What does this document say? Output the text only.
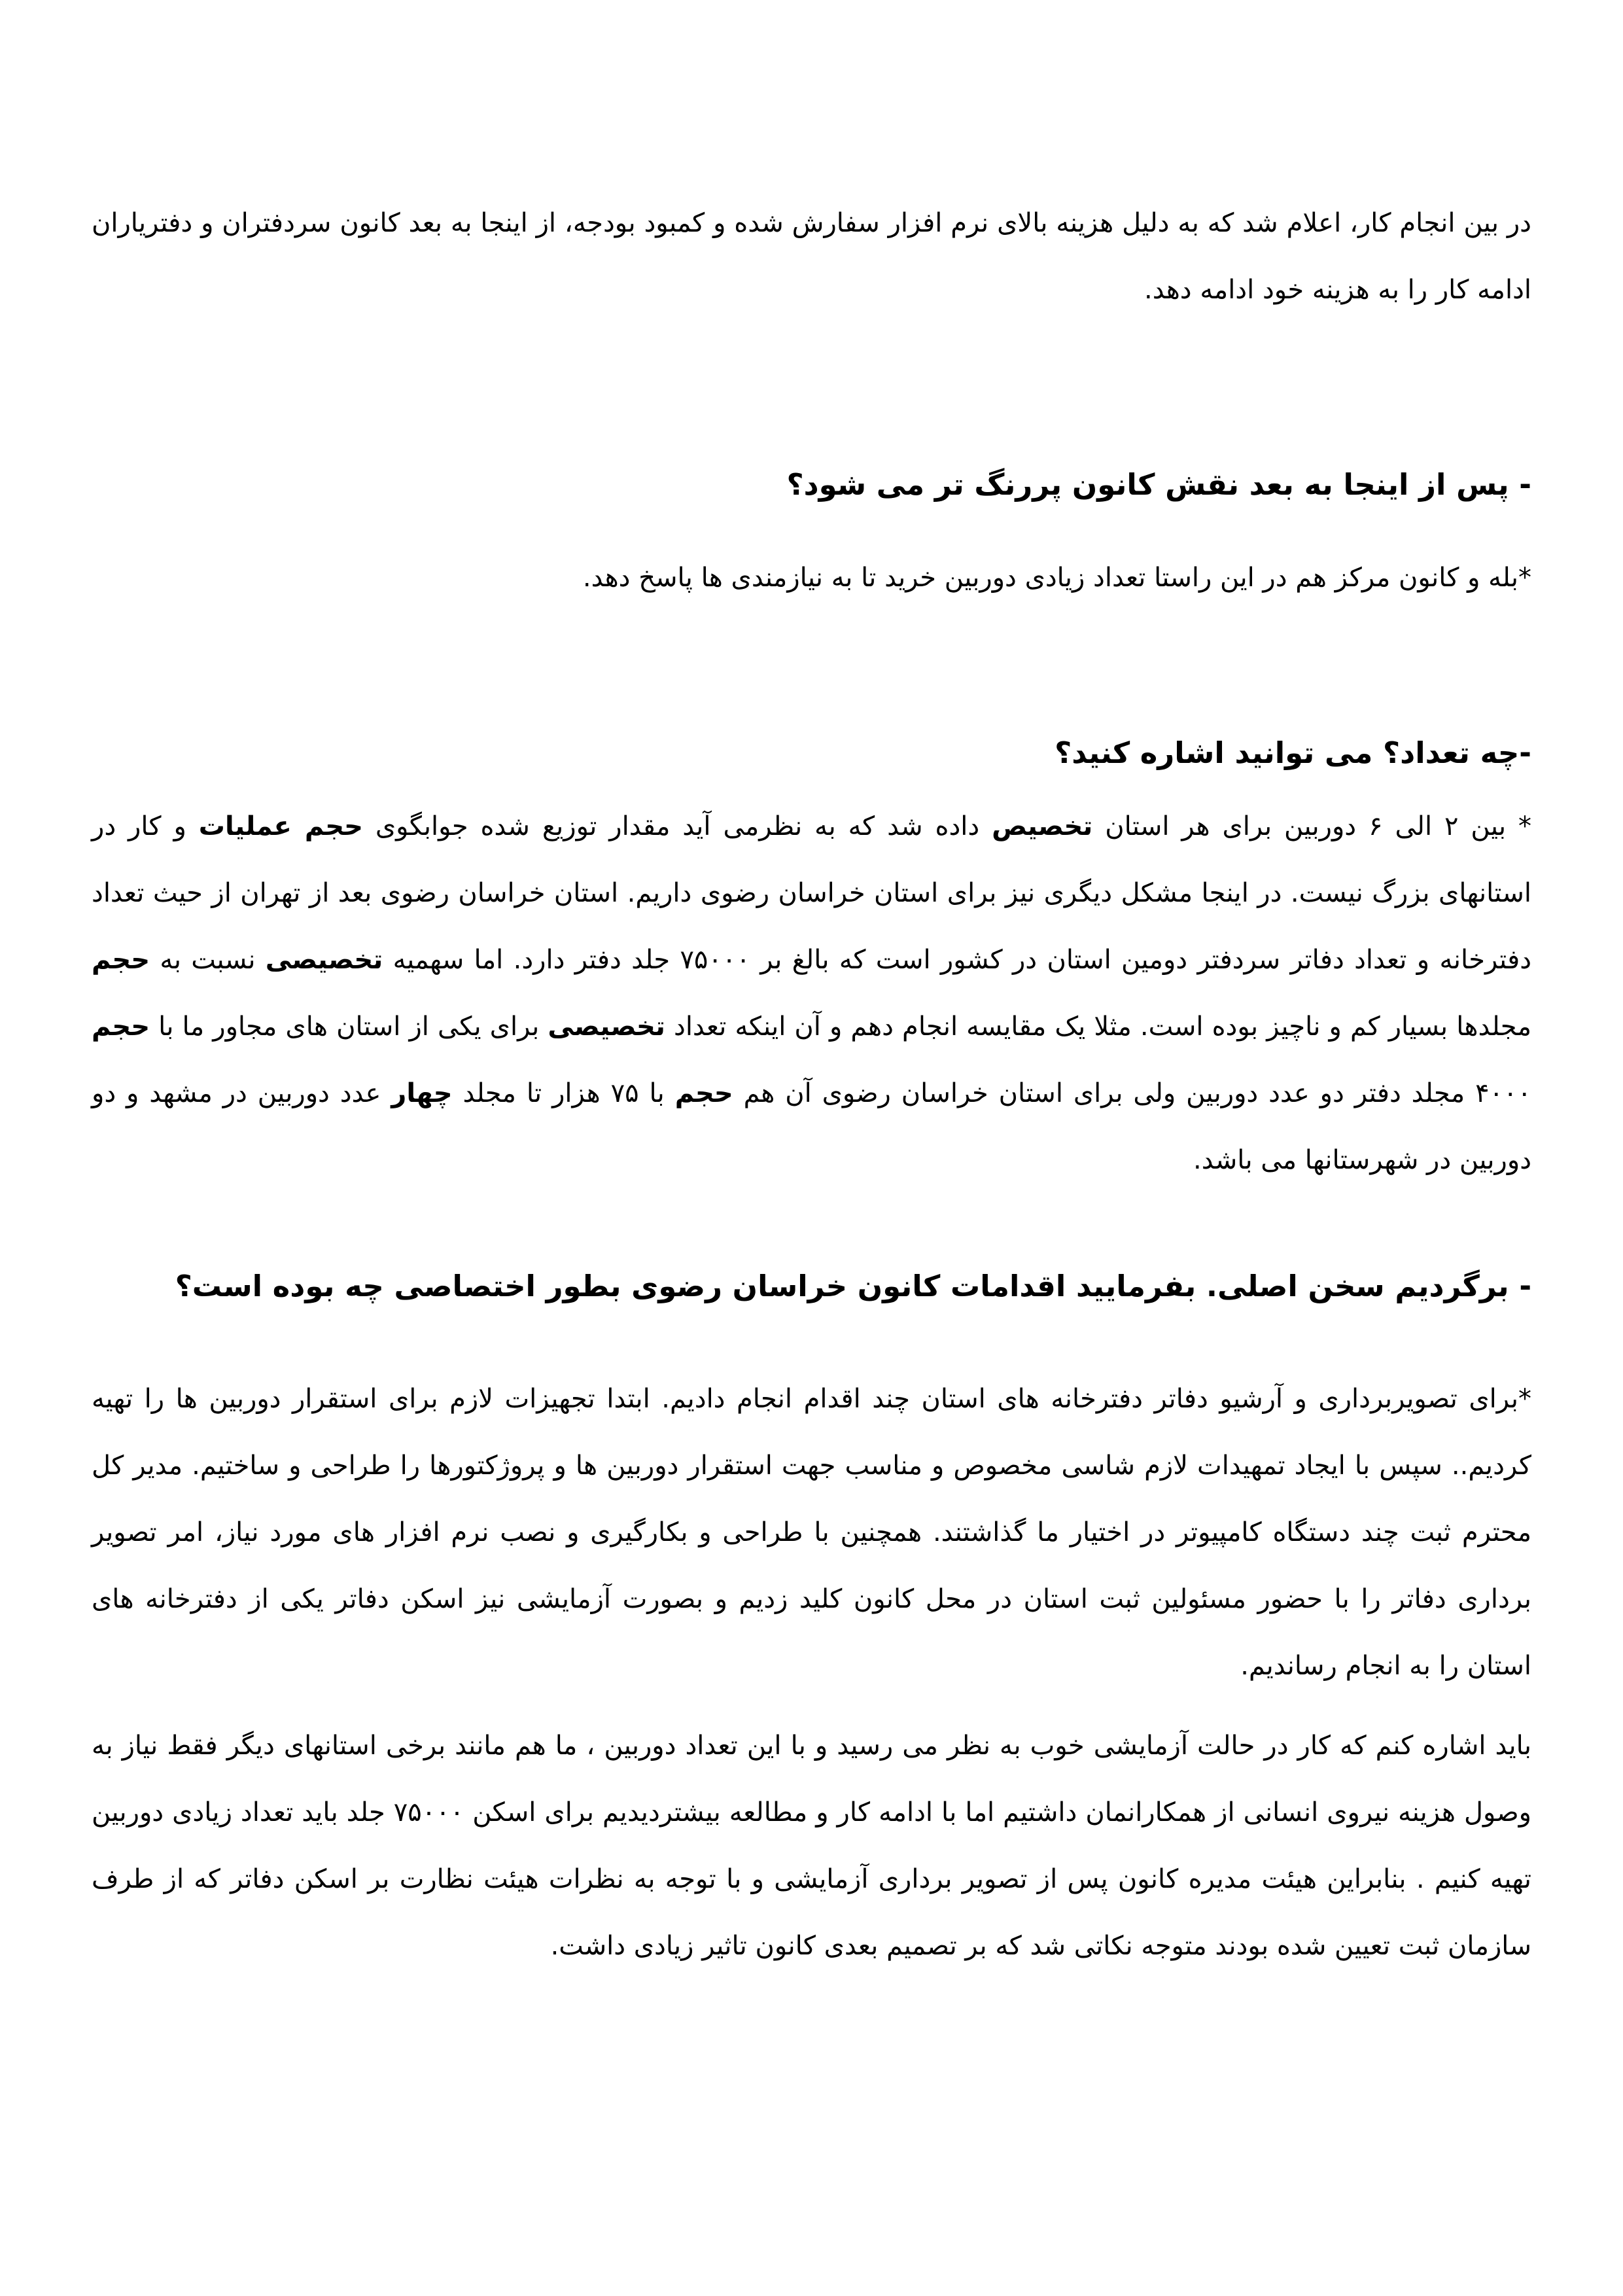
در بین انجام کار، اعلام شد که به دلیل هزینه بالای نرم افزار سفارش شده و کمبود بودجه، از اینجا به بعد کانون سردفتران و دفتریاران ادامه کار را به هزینه خود ادامه دهد.

- پس از اینجا به بعد نقش کانون پررنگ تر می شود؟

*بله و کانون مرکز هم در این راستا تعداد زیادی دوربین خرید تا به نیازمندی ها پاسخ دهد.

-چه تعداد؟ می توانید اشاره کنید؟

* بین ۲ الی ۶ دوربین برای هر استان تخصیص داده شد که به نظرمی آید مقدار توزیع شده جوابگوی حجم عملیات و کار در استانهای بزرگ نیست. در اینجا مشکل دیگری نیز برای استان خراسان رضوی داریم. استان خراسان رضوی بعد از تهران از حیث تعداد دفترخانه و تعداد دفاتر سردفتر دومین استان در کشور است که بالغ بر ۷۵۰۰۰ جلد دفتر دارد. اما سهمیه تخصیصی نسبت به حجم مجلدها بسیار کم و ناچیز بوده است. مثلا یک مقایسه انجام دهم و آن اینکه تعداد تخصیصی برای یکی از استان های مجاور ما با حجم ۴۰۰۰ مجلد دفتر دو عدد دوربین ولی برای استان خراسان رضوی آن هم حجم با ۷۵ هزار تا مجلد چهار عدد دوربین در مشهد و دو دوربین در شهرستانها می باشد.

- برگردیم سخن اصلی. بفرمایید اقدامات کانون خراسان رضوی بطور اختصاصی چه بوده است؟

*برای تصویربرداری و آرشیو دفاتر دفترخانه های استان چند اقدام انجام دادیم. ابتدا تجهیزات لازم برای استقرار دوربین ها را تهیه کردیم.. سپس با ایجاد تمهیدات لازم شاسی مخصوص و مناسب جهت استقرار دوربین ها و پروژکتورها را طراحی و ساختیم. مدیر کل محترم ثبت چند دستگاه کامپیوتر در اختیار ما گذاشتند. همچنین با طراحی و بکارگیری و نصب نرم افزار های مورد نیاز، امر تصویر برداری دفاتر را با حضور مسئولین ثبت استان در محل کانون کلید زدیم و بصورت آزمایشی نیز اسکن دفاتر یکی از دفترخانه های استان را به انجام رساندیم.

باید اشاره کنم که کار در حالت آزمایشی خوب به نظر می رسید و با این تعداد دوربین ، ما هم مانند برخی استانهای دیگر فقط نیاز به وصول هزینه نیروی انسانی از همکارانمان داشتیم اما با ادامه کار و مطالعه بیشتردیدیم برای اسکن ۷۵۰۰۰ جلد باید تعداد زیادی دوربین تهیه کنیم . بنابراین هیئت مدیره کانون پس از تصویر برداری آزمایشی و با توجه به نظرات هیئت نظارت بر اسکن دفاتر که از طرف سازمان ثبت تعیین شده بودند متوجه نکاتی شد که بر تصمیم بعدی کانون تاثیر زیادی داشت.
